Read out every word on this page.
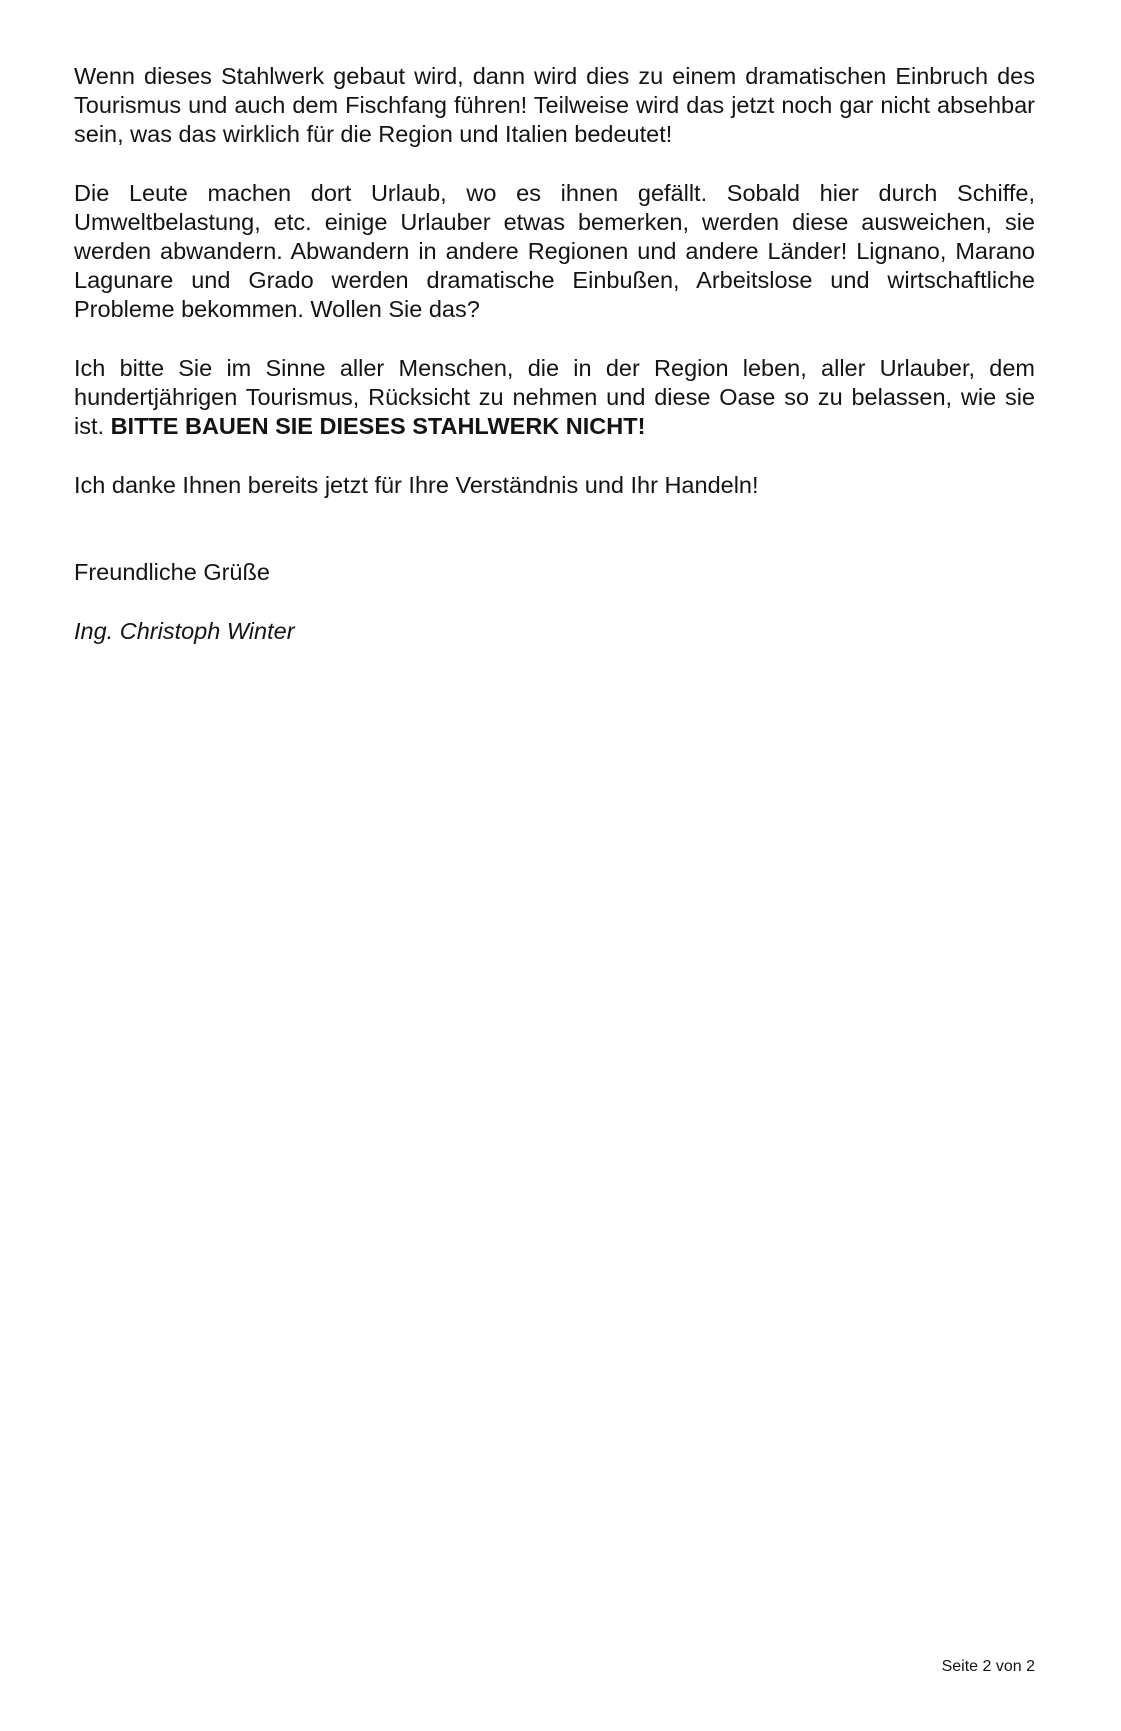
Wenn dieses Stahlwerk gebaut wird, dann wird dies zu einem dramatischen Einbruch des Tourismus und auch dem Fischfang führen! Teilweise wird das jetzt noch gar nicht absehbar sein, was das wirklich für die Region und Italien bedeutet!

Die Leute machen dort Urlaub, wo es ihnen gefällt. Sobald hier durch Schiffe, Umweltbelastung, etc. einige Urlauber etwas bemerken, werden diese ausweichen, sie werden abwandern. Abwandern in andere Regionen und andere Länder! Lignano, Marano Lagunare und Grado werden dramatische Einbußen, Arbeitslose und wirtschaftliche Probleme bekommen. Wollen Sie das?

Ich bitte Sie im Sinne aller Menschen, die in der Region leben, aller Urlauber, dem hundertjährigen Tourismus, Rücksicht zu nehmen und diese Oase so zu belassen, wie sie ist. BITTE BAUEN SIE DIESES STAHLWERK NICHT!

Ich danke Ihnen bereits jetzt für Ihre Verständnis und Ihr Handeln!

Freundliche Grüße

Ing. Christoph Winter

Seite 2 von 2
